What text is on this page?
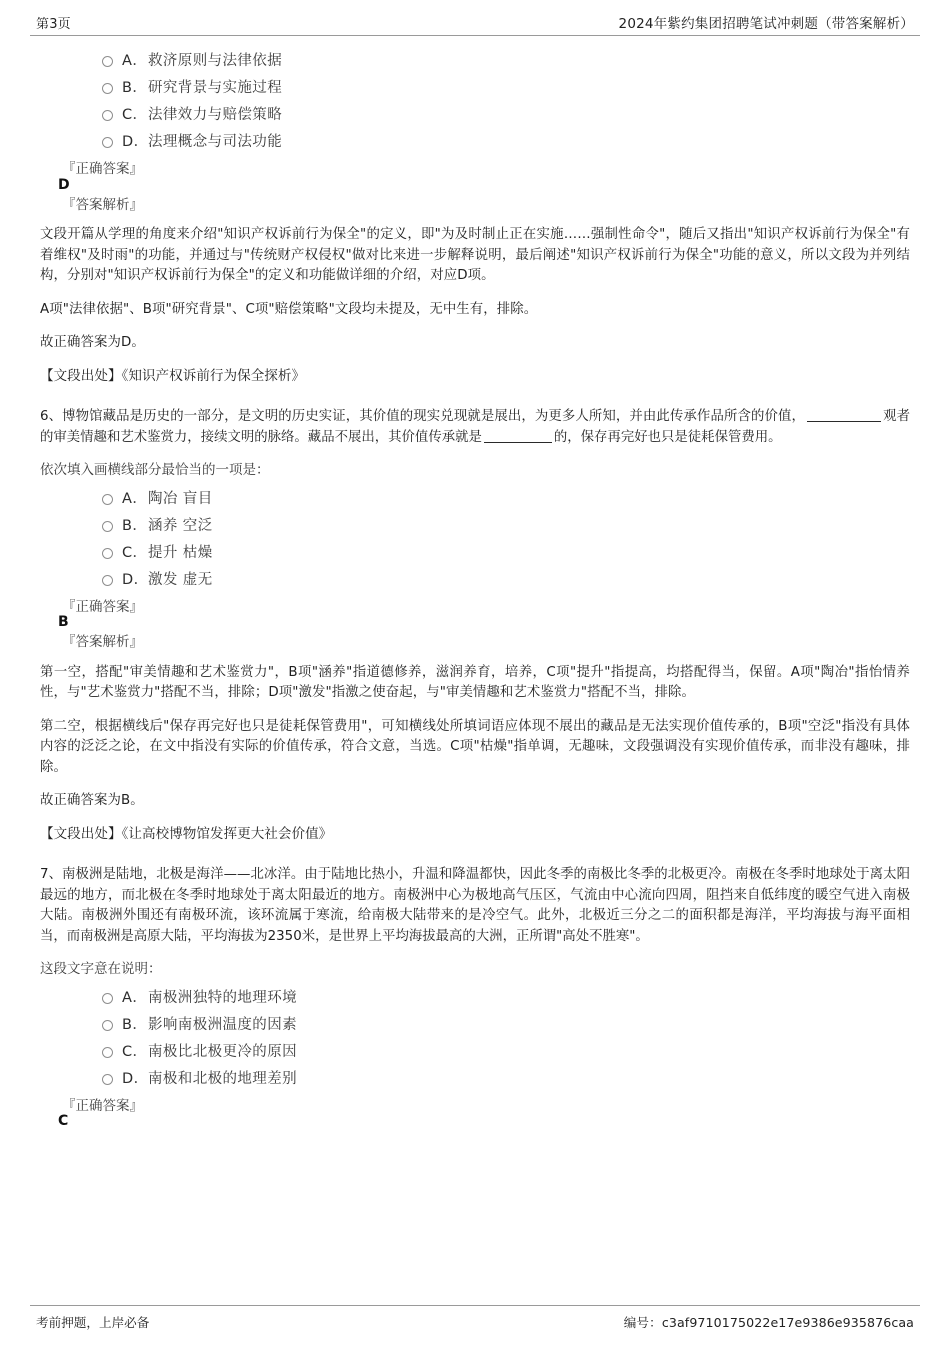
第3页	2024年紫约集团招聘笔试冲刺题（带答案解析）
A． 救济原则与法律依据
B． 研究背景与实施过程
C． 法律效力与赔偿策略
D． 法理概念与司法功能
『正确答案』
D
『答案解析』

文段开篇从学理的角度来介绍"知识产权诉前行为保全"的定义，即"为及时制止正在实施……强制性命令"，随后又指出"知识产权诉前行为保全"有着维权"及时雨"的功能，并通过与"传统财产权侵权"做对比来进一步解释说明，最后阐述"知识产权诉前行为保全"功能的意义，所以文段为并列结构，分别对"知识产权诉前行为保全"的定义和功能做详细的介绍，对应D项。

A项"法律依据"、B项"研究背景"、C项"赔偿策略"文段均未提及，无中生有，排除。

故正确答案为D。

【文段出处】《知识产权诉前行为保全探析》

6、博物馆藏品是历史的一部分，是文明的历史实证，其价值的现实兑现就是展出，为更多人所知，并由此传承作品所含的价值，	观者的审美情趣和艺术鉴赏力，接续文明的脉络。藏品不展出，其价值传承就是	的，保存再完好也只是徒耗保管费用。

依次填入画横线部分最恰当的一项是：

A． 陶冶 盲目
B． 涵养 空泛
C． 提升 枯燥
D． 激发 虚无
『正确答案』
B
『答案解析』

第一空，搭配"审美情趣和艺术鉴赏力"，B项"涵养"指道德修养，滋润养育，培养，C项"提升"指提高，均搭配得当，保留。A项"陶冶"指怡情养性，与"艺术鉴赏力"搭配不当，排除；D项"激发"指激之使奋起，与"审美情趣和艺术鉴赏力"搭配不当，排除。

第二空，根据横线后"保存再完好也只是徒耗保管费用"，可知横线处所填词语应体现不展出的藏品是无法实现价值传承的，B项"空泛"指没有具体内容的泛泛之论，在文中指没有实际的价值传承，符合文意，当选。C项"枯燥"指单调，无趣味，文段强调没有实现价值传承，而非没有趣味，排除。

故正确答案为B。

【文段出处】《让高校博物馆发挥更大社会价值》

7、南极洲是陆地，北极是海洋——北冰洋。由于陆地比热小，升温和降温都快，因此冬季的南极比冬季的北极更冷。南极在冬季时地球处于离太阳最远的地方，而北极在冬季时地球处于离太阳最近的地方。南极洲中心为极地高气压区，气流由中心流向四周，阻挡来自低纬度的暖空气进入南极大陆。南极洲外围还有南极环流，该环流属于寒流，给南极大陆带来的是冷空气。此外，北极近三分之二的面积都是海洋，平均海拔与海平面相当，而南极洲是高原大陆，平均海拔为2350米，是世界上平均海拔最高的大洲，正所谓"高处不胜寒"。

这段文字意在说明：

A． 南极洲独特的地理环境
B． 影响南极洲温度的因素
C． 南极比北极更冷的原因
D． 南极和北极的地理差别
『正确答案』
C
考前押题，上岸必备	编号：c3af9710175022e17e9386e935876caa
